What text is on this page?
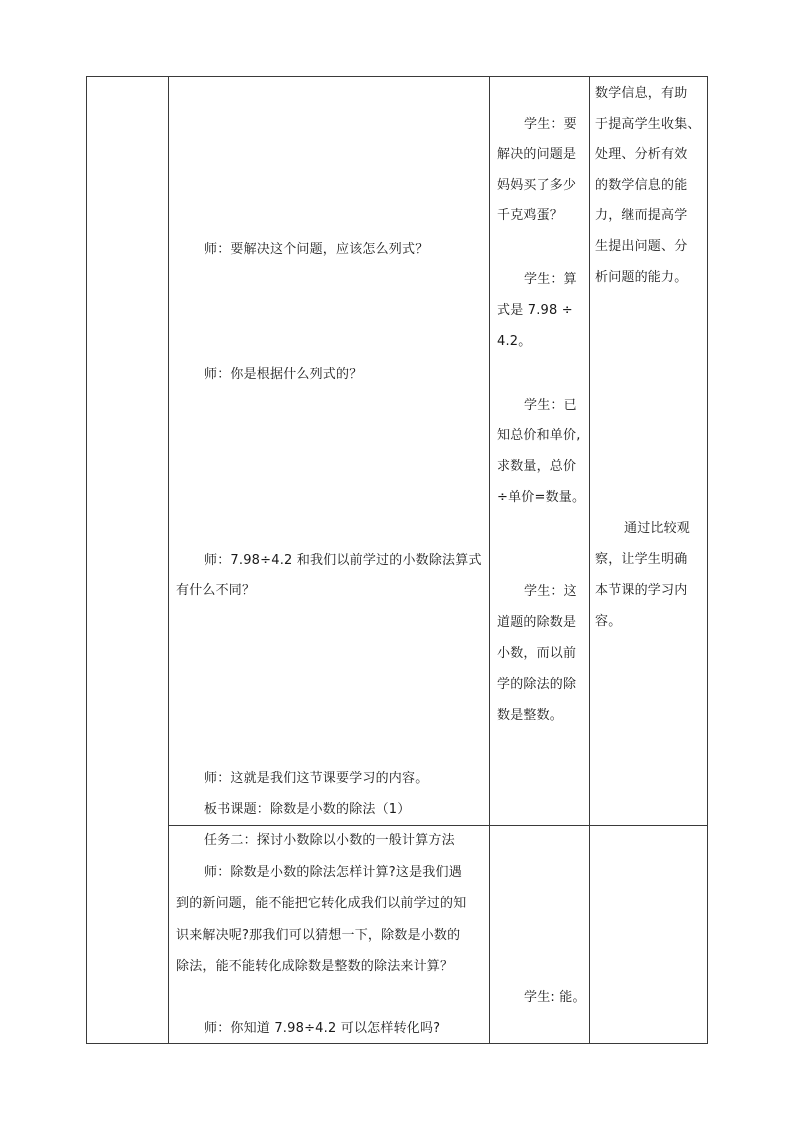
师：要解决这个问题，应该怎么列式？
师：你是根据什么列式的？
师：7.98÷4.2 和我们以前学过的小数除法算式
有什么不同？
师：这就是我们这节课要学习的内容。
板书课题：除数是小数的除法（1）
任务二：探讨小数除以小数的一般计算方法
师：除数是小数的除法怎样计算?这是我们遇
到的新问题，能不能把它转化成我们以前学过的知
识来解决呢?那我们可以猜想一下，除数是小数的
除法，能不能转化成除数是整数的除法来计算？
师：你知道 7.98÷4.2 可以怎样转化吗?
学生：要
解决的问题是
妈妈买了多少
千克鸡蛋？
学生：算
式是 7.98 ÷
4.2。
学生：已
知总价和单价,
求数量，总价
÷单价=数量。
学生：这
道题的除数是
小数，而以前
学的除法的除
数是整数。
学生: 能。
数学信息，有助
于提高学生收集、
处理、分析有效
的数学信息的能
力，继而提高学
生提出问题、分
析问题的能力。
通过比较观
察，让学生明确
本节课的学习内
容。
